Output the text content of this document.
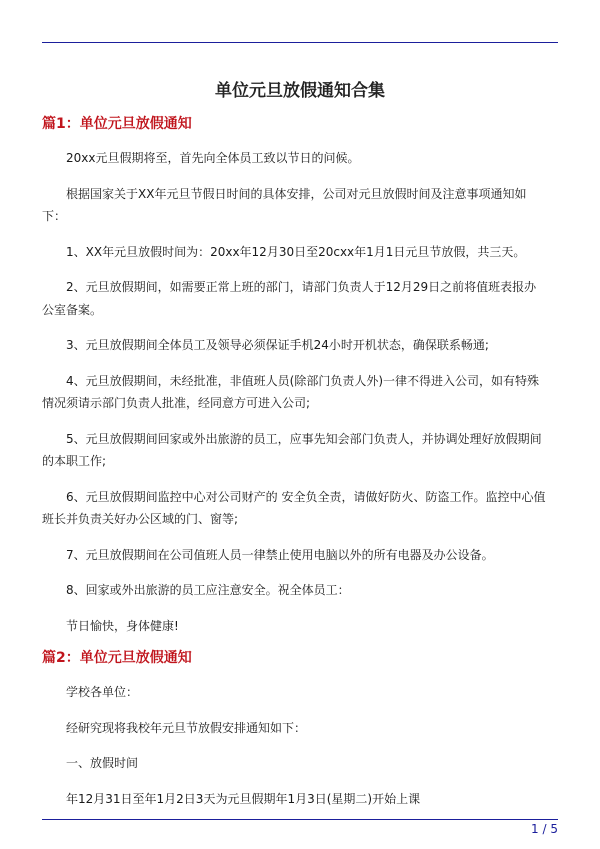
单位元旦放假通知合集
篇1：单位元旦放假通知

20xx元旦假期将至，首先向全体员工致以节日的问候。

根据国家关于XX年元旦节假日时间的具体安排，公司对元旦放假时间及注意事项通知如下：

1、XX年元旦放假时间为：20xx年12月30日至20cxx年1月1日元旦节放假，共三天。

2、元旦放假期间，如需要正常上班的部门，请部门负责人于12月29日之前将值班表报办公室备案。

3、元旦放假期间全体员工及领导必须保证手机24小时开机状态，确保联系畅通;

4、元旦放假期间，未经批准，非值班人员(除部门负责人外)一律不得进入公司，如有特殊情况须请示部门负责人批准，经同意方可进入公司;

5、元旦放假期间回家或外出旅游的员工，应事先知会部门负责人，并协调处理好放假期间的本职工作;

6、元旦放假期间监控中心对公司财产的 安全负全责，请做好防火、防盗工作。监控中心值班长并负责关好办公区域的门、窗等;

7、元旦放假期间在公司值班人员一律禁止使用电脑以外的所有电器及办公设备。

8、回家或外出旅游的员工应注意安全。祝全体员工：

节日愉快，身体健康!

篇2：单位元旦放假通知

学校各单位：

经研究现将我校年元旦节放假安排通知如下：

一、放假时间

年12月31日至年1月2日3天为元旦假期年1月3日(星期二)开始上课

1 / 5
